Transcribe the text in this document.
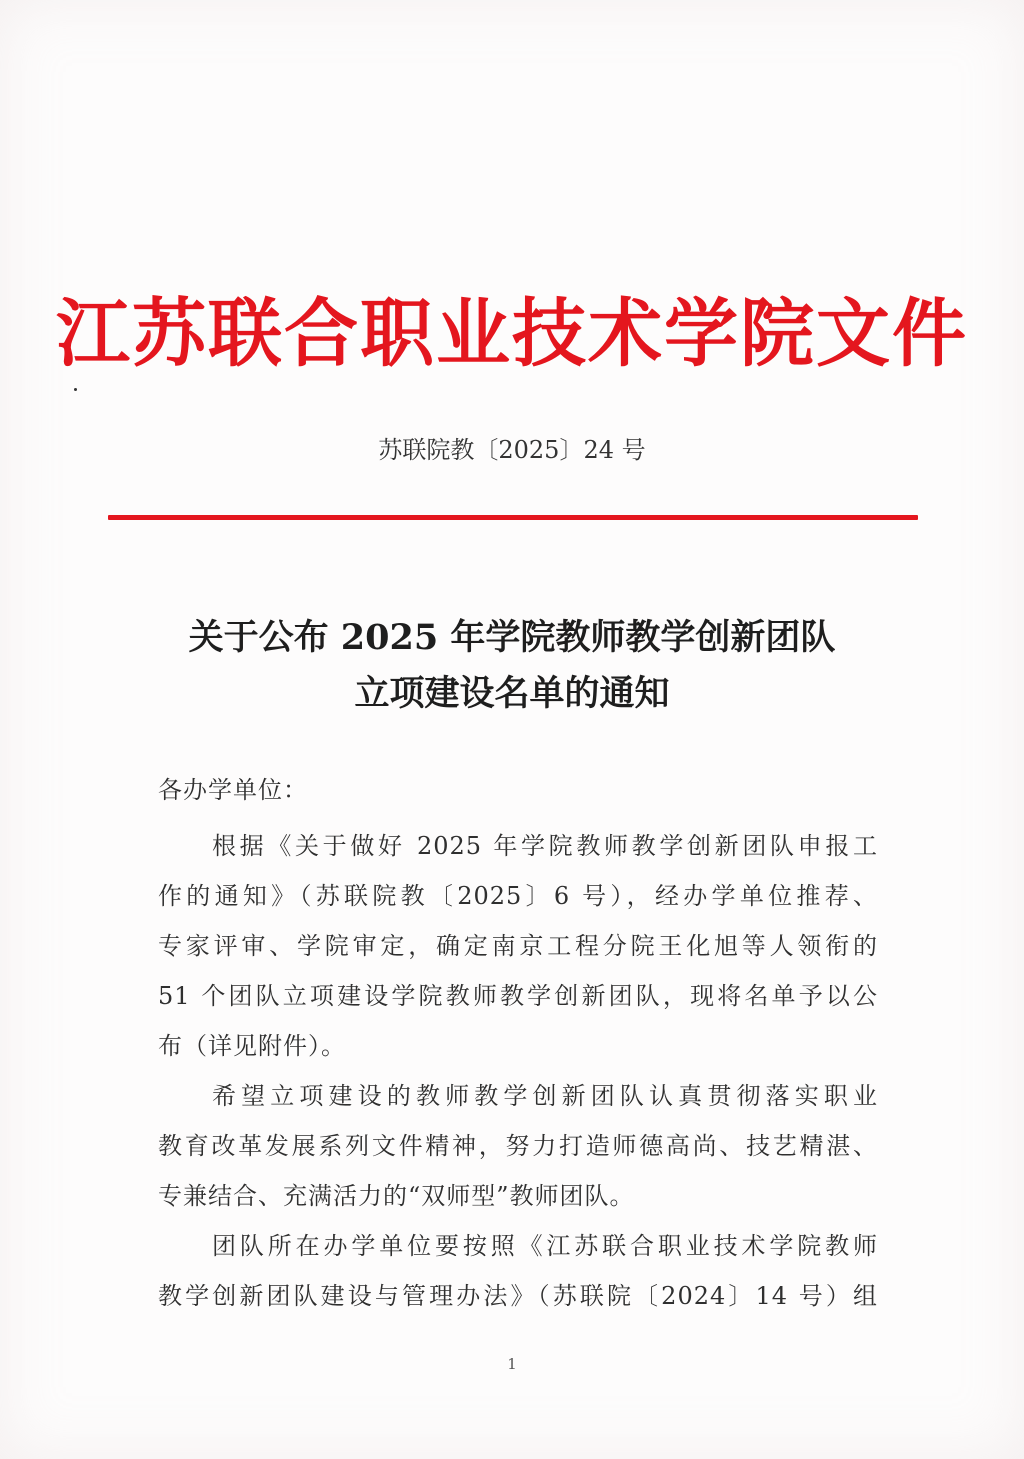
江苏联合职业技术学院文件
苏联院教〔2025〕24 号
关于公布 2025 年学院教师教学创新团队
立项建设名单的通知
各办学单位：
根据《关于做好 2025 年学院教师教学创新团队申报工
作的通知》（苏联院教〔2025〕6 号），经办学单位推荐、
专家评审、学院审定，确定南京工程分院王化旭等人领衔的
51 个团队立项建设学院教师教学创新团队，现将名单予以公
布（详见附件）。
希望立项建设的教师教学创新团队认真贯彻落实职业
教育改革发展系列文件精神，努力打造师德高尚、技艺精湛、
专兼结合、充满活力的“双师型”教师团队。
团队所在办学单位要按照《江苏联合职业技术学院教师
教学创新团队建设与管理办法》（苏联院〔2024〕14 号）组
1
